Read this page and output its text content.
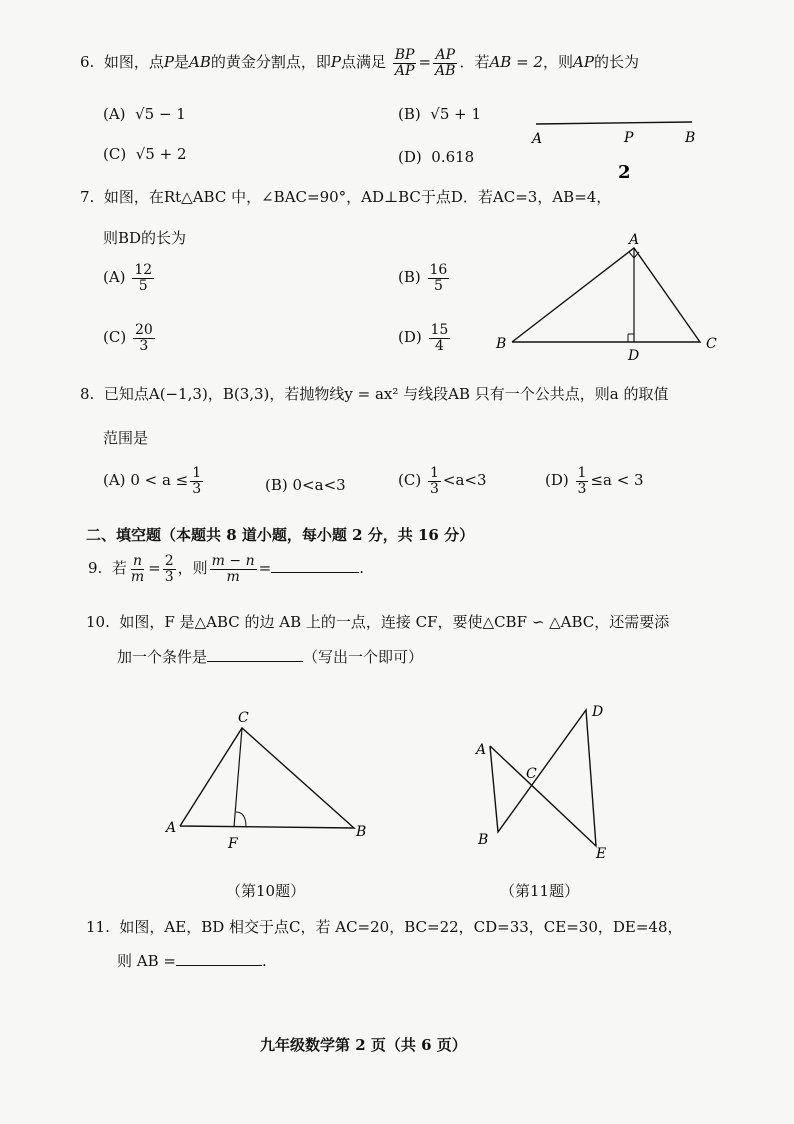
6. 如图，点P是AB的黄金分割点，即P点满足 $\frac{BP}{AP} = \frac{AP}{AB}$ ．若AB = 2，则AP的长为
(A) √5 − 1	(B) √5 + 1
(C) √5 + 2	(D) 0.618
A	P	B
2
7. 如图，在Rt△ABC 中，∠BAC=90°，AD⊥BC于点D．若AC=3，AB=4，
则BD的长为
$(A) \frac{12}{5}$	$(B) \frac{16}{5}$
$(C) \frac{20}{3}$	$(D) \frac{15}{4}$
A
B	C
D
8. 已知点A(−1,3)，B(3,3)，若抛物线y = ax² 与线段AB 只有一个公共点，则a 的取值
范围是
(A) $0 < a \le \frac{1}{3}$	(B) 0<a<3	$(C) \frac{1}{3} <a<3$	$(D) \frac{1}{3} \le a < 3$
二、填空题（本题共 8 道小题，每小题 2 分，共 16 分）
9. 若 $\frac{n}{m} = \frac{2}{3}$ ，则 $\frac{m - n}{m}$ =	.
10. 如图，F 是△ABC 的边 AB 上的一点，连接 CF，要使△CBF ∽ △ABC，还需要添
加一个条件是	（写出一个即可）
C
A	B
F
（第10题）
A
B
C
D
E
（第11题）
11. 如图，AE，BD 相交于点C，若 AC=20，BC=22，CD=33，CE=30，DE=48，
则 AB =	.
九年级数学第 2 页（共 6 页）
